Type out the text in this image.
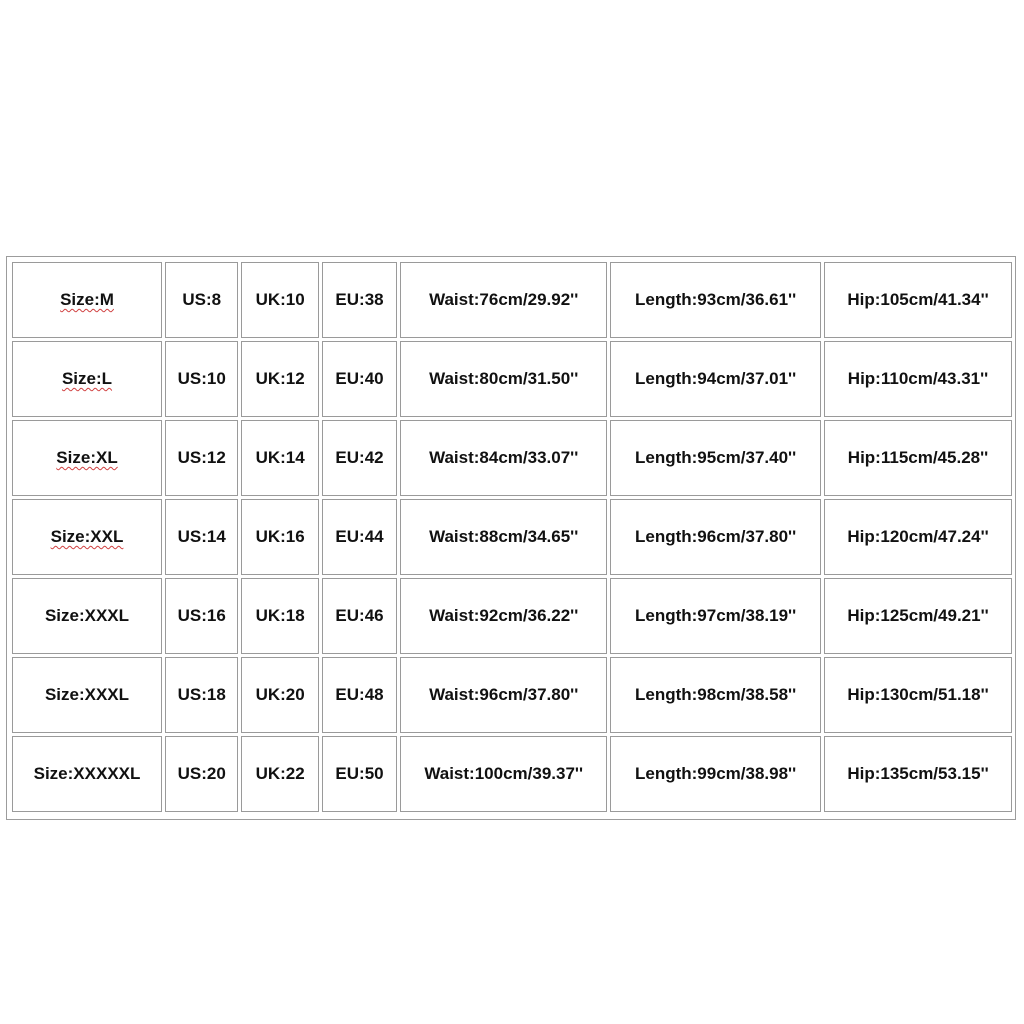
Size:M	US:8	UK:10	EU:38	Waist:76cm/29.92''	Length:93cm/36.61''	Hip:105cm/41.34''
Size:L	US:10	UK:12	EU:40	Waist:80cm/31.50''	Length:94cm/37.01''	Hip:110cm/43.31''
Size:XL	US:12	UK:14	EU:42	Waist:84cm/33.07''	Length:95cm/37.40''	Hip:115cm/45.28''
Size:XXL	US:14	UK:16	EU:44	Waist:88cm/34.65''	Length:96cm/37.80''	Hip:120cm/47.24''
Size:XXXL	US:16	UK:18	EU:46	Waist:92cm/36.22''	Length:97cm/38.19''	Hip:125cm/49.21''
Size:XXXL	US:18	UK:20	EU:48	Waist:96cm/37.80''	Length:98cm/38.58''	Hip:130cm/51.18''
Size:XXXXXL	US:20	UK:22	EU:50	Waist:100cm/39.37''	Length:99cm/38.98''	Hip:135cm/53.15''
